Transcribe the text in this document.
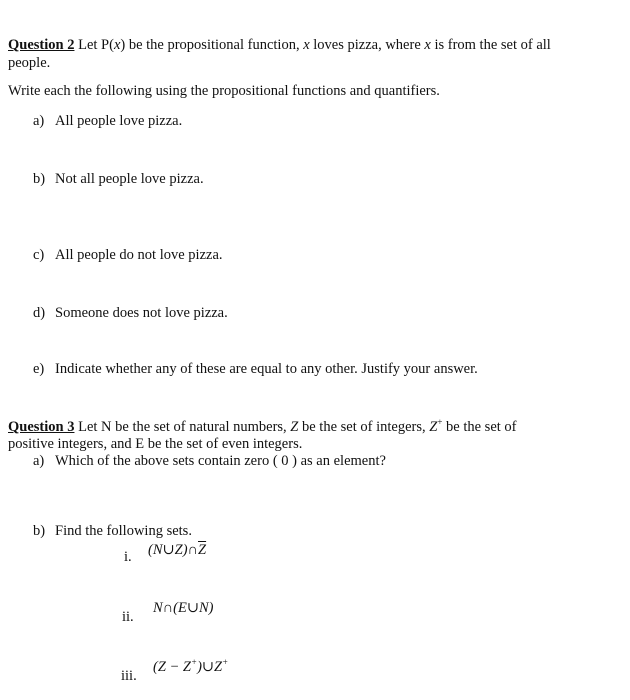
Question 2 Let P(x) be the propositional function, x loves pizza, where x is from the set of all
people.
Write each the following using the propositional functions and quantifiers.
a) All people love pizza.
b) Not all people love pizza.
c) All people do not love pizza.
d) Someone does not love pizza.
e) Indicate whether any of these are equal to any other. Justify your answer.
Question 3 Let N be the set of natural numbers, Z be the set of integers, Z+ be the set of
positive integers, and E be the set of even integers.
a) Which of the above sets contain zero ( 0 ) as an element?
b) Find the following sets.
i. $(N\cup Z)\cap\overline{Z}$
ii.
N∩(E∪N)
iii.
(Z − Z+)∪Z+
